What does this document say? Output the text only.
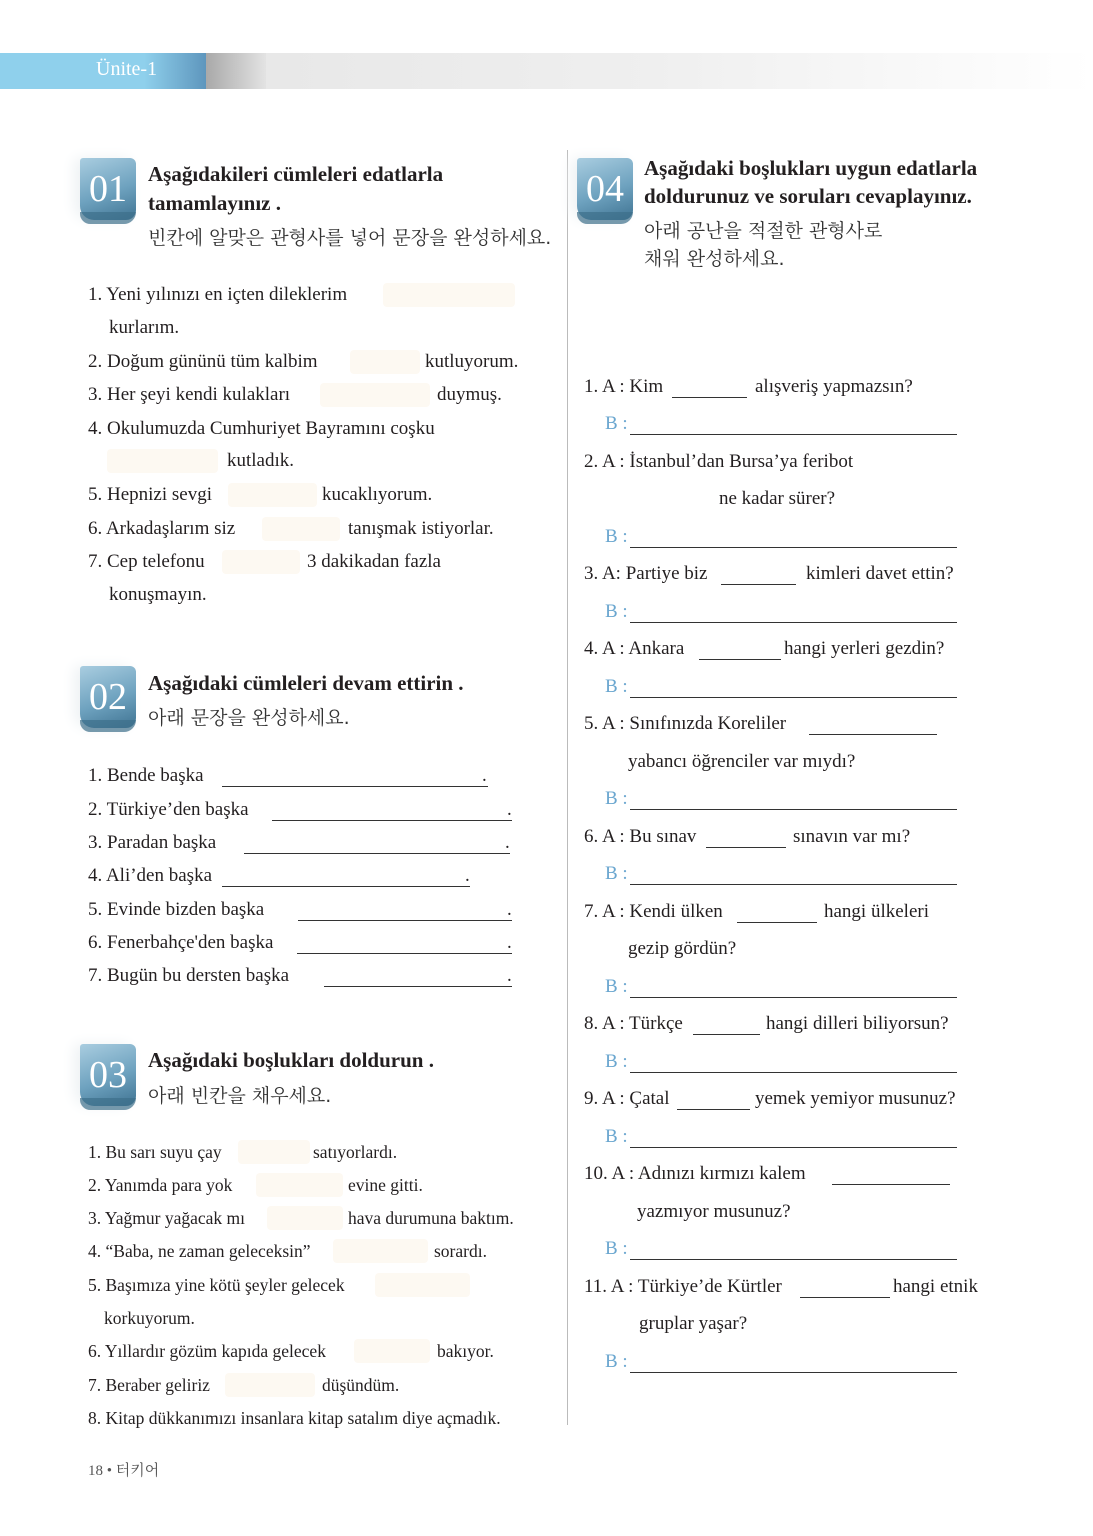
Ünite-1
01
02
03
04
18 • 터키어
Aşağıdakileri cümleleri edatlarla
tamamlayınız .
빈칸에 알맞은 관형사를 넣어 문장을 완성하세요.
1. Yeni yılınızı en içten dileklerim
kurlarım.
2. Doğum gününü tüm kalbim	kutluyorum.
3. Her şeyi kendi kulakları	duymuş.
4. Okulumuzda Cumhuriyet Bayramını coşku
kutladık.
5. Hepnizi sevgi	kucaklıyorum.
6. Arkadaşlarım siz	tanışmak istiyorlar.
7. Cep telefonu	3 dakikadan fazla
konuşmayın.
Aşağıdaki cümleleri devam ettirin .
아래 문장을 완성하세요.
1. Bende başka	.
2. Türkiye’den başka	.
3. Paradan başka	.
4. Ali’den başka	.
5. Evinde bizden başka	.
6. Fenerbahçe'den başka	.
7. Bugün bu dersten başka	.
Aşağıdaki boşlukları doldurun .
아래 빈칸을 채우세요.
1. Bu sarı suyu çay	satıyorlardı.
2. Yanımda para yok	evine gitti.
3. Yağmur yağacak mı	hava durumuna baktım.
4. “Baba, ne zaman geleceksin”	sorardı.
5. Başımıza yine kötü şeyler gelecek
korkuyorum.
6. Yıllardır gözüm kapıda gelecek	bakıyor.
7. Beraber geliriz	düşündüm.
8. Kitap dükkanımızı insanlara kitap satalım diye açmadık.
Aşağıdaki boşlukları uygun edatlarla
doldurunuz ve soruları cevaplayınız.
아래 공난을 적절한 관형사로
채워 완성하세요.
1. A : Kim	alışveriş yapmazsın?
B :
2. A : İstanbul’dan Bursa’ya feribot
ne kadar sürer?
B :
3. A: Partiye biz	kimleri davet ettin?
B :
4. A : Ankara	hangi yerleri gezdin?
B :
5. A : Sınıfınızda Koreliler
yabancı öğrenciler var mıydı?
B :
6. A : Bu sınav	sınavın var mı?
B :
7. A : Kendi ülken	hangi ülkeleri
gezip gördün?
B :
8. A : Türkçe	hangi dilleri biliyorsun?
B :
9. A : Çatal	yemek yemiyor musunuz?
B :
10. A : Adınızı kırmızı kalem
yazmıyor musunuz?
B :
11. A : Türkiye’de Kürtler	hangi etnik
gruplar yaşar?
B :
